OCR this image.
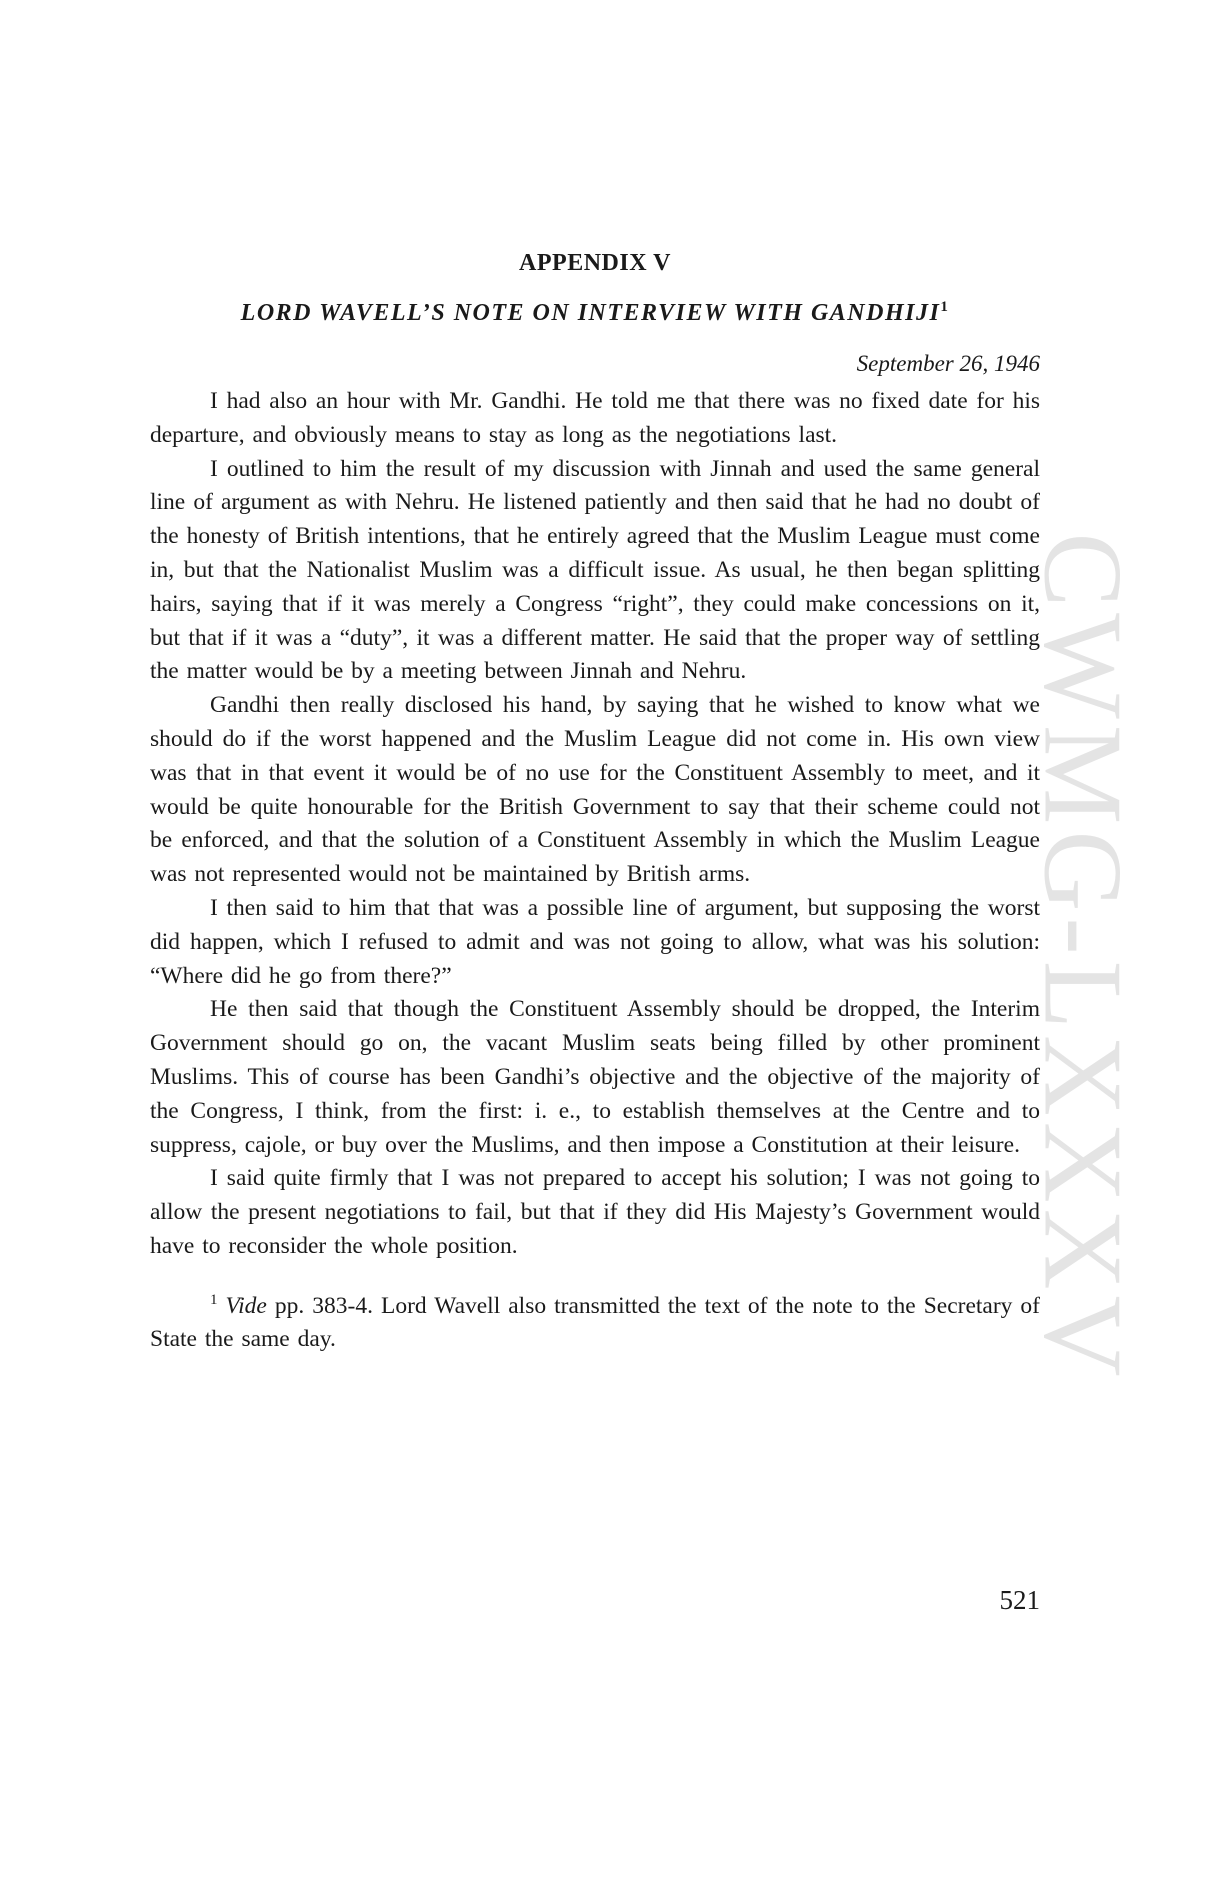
CWMG-LXXXV
APPENDIX V
LORD WAVELL’S NOTE ON INTERVIEW WITH GANDHIJI$^1$
September 26, 1946

I had also an hour with Mr. Gandhi. He told me that there was no fixed date for his departure, and obviously means to stay as long as the negotiations last.

I outlined to him the result of my discussion with Jinnah and used the same general line of argument as with Nehru. He listened patiently and then said that he had no doubt of the honesty of British intentions, that he entirely agreed that the Muslim League must come in, but that the Nationalist Muslim was a difficult issue. As usual, he then began splitting hairs, saying that if it was merely a Congress “right”, they could make concessions on it, but that if it was a “duty”, it was a different matter. He said that the proper way of settling the matter would be by a meeting between Jinnah and Nehru.

Gandhi then really disclosed his hand, by saying that he wished to know what we should do if the worst happened and the Muslim League did not come in. His own view was that in that event it would be of no use for the Constituent Assembly to meet, and it would be quite honourable for the British Government to say that their scheme could not be enforced, and that the solution of a Constituent Assembly in which the Muslim League was not represented would not be maintained by British arms.

I then said to him that that was a possible line of argument, but supposing the worst did happen, which I refused to admit and was not going to allow, what was his solution: “Where did he go from there?”

He then said that though the Constituent Assembly should be dropped, the Interim Government should go on, the vacant Muslim seats being filled by other prominent Muslims. This of course has been Gandhi’s objective and the objective of the majority of the Congress, I think, from the first: i. e., to establish themselves at the Centre and to suppress, cajole, or buy over the Muslims, and then impose a Constitution at their leisure.

I said quite firmly that I was not prepared to accept his solution; I was not going to allow the present negotiations to fail, but that if they did His Majesty’s Government would have to reconsider the whole position.

$^1$ Vide pp. 383-4. Lord Wavell also transmitted the text of the note to the Secretary of State the same day.
521
